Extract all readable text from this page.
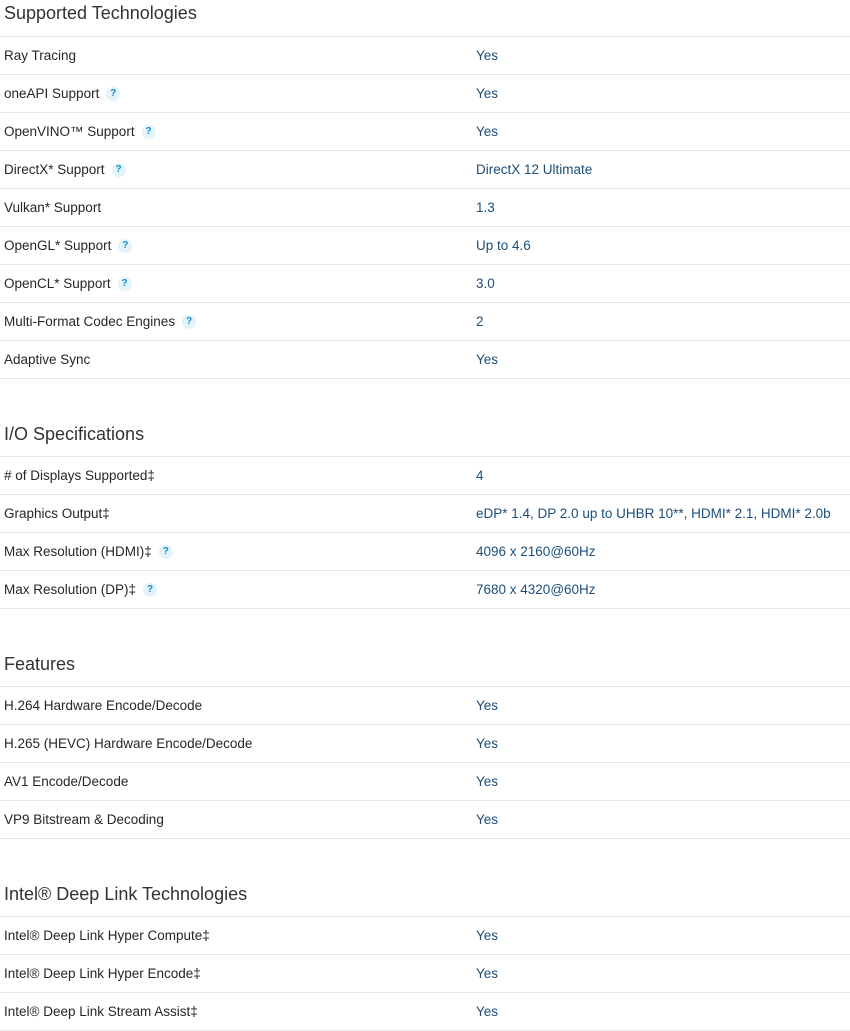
Supported Technologies
Ray Tracing	Yes
oneAPI Support	?	Yes
OpenVINO™ Support	?	Yes
DirectX* Support	?	DirectX 12 Ultimate
Vulkan* Support	1.3
OpenGL* Support	?	Up to 4.6
OpenCL* Support	?	3.0
Multi-Format Codec Engines	?	2
Adaptive Sync	Yes
I/O Specifications
# of Displays Supported‡	4
Graphics Output‡	eDP* 1.4, DP 2.0 up to UHBR 10**, HDMI* 2.1, HDMI* 2.0b
Max Resolution (HDMI)‡	?	4096 x 2160@60Hz
Max Resolution (DP)‡	?	7680 x 4320@60Hz
Features
H.264 Hardware Encode/Decode	Yes
H.265 (HEVC) Hardware Encode/Decode	Yes
AV1 Encode/Decode	Yes
VP9 Bitstream & Decoding	Yes
Intel® Deep Link Technologies
Intel® Deep Link Hyper Compute‡	Yes
Intel® Deep Link Hyper Encode‡	Yes
Intel® Deep Link Stream Assist‡	Yes
